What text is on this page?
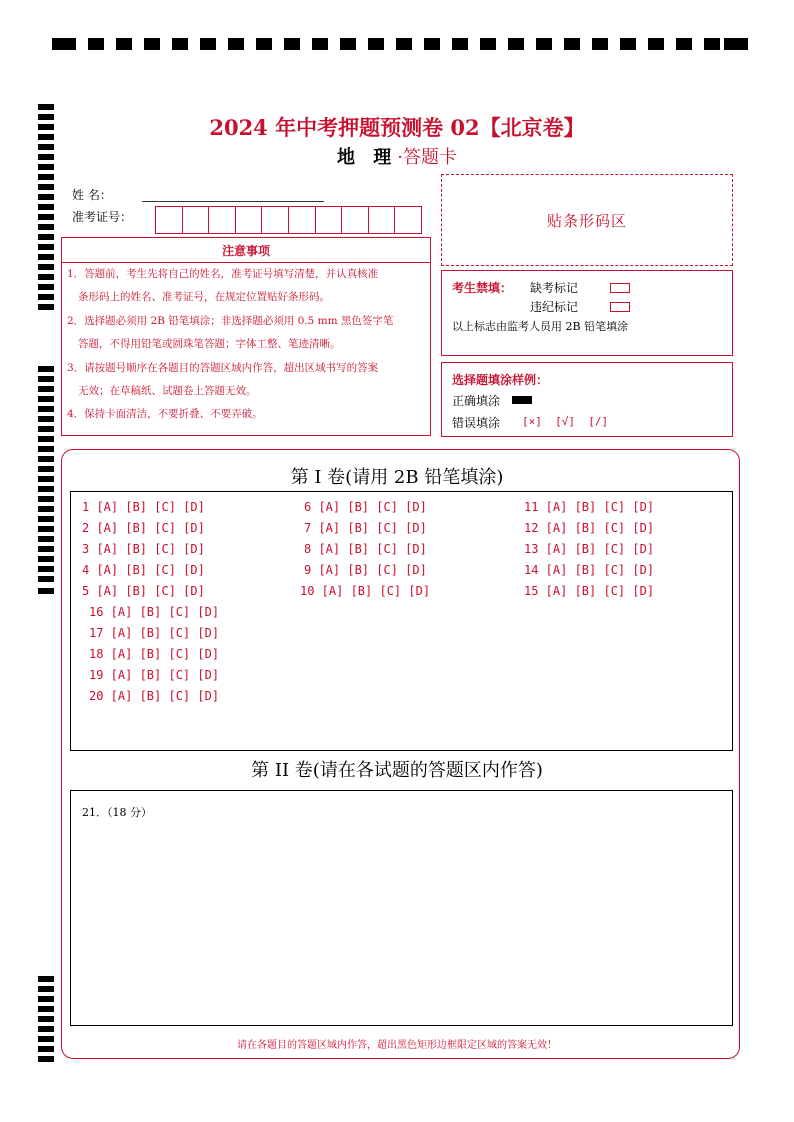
2024 年中考押题预测卷 02【北京卷】
地 理·答题卡
姓 名：
准考证号：	贴条形码区
注意事项
1．答题前，考生先将自己的姓名，准考证号填写清楚，并认真核准
条形码上的姓名、准考证号，在规定位置贴好条形码。
2．选择题必须用 2B 铅笔填涂；非选择题必须用 0.5 mm 黑色签字笔
答题，不得用铅笔或圆珠笔答题；字体工整、笔迹清晰。
3．请按题号顺序在各题目的答题区域内作答，超出区域书写的答案
无效；在草稿纸、试题卷上答题无效。
4．保持卡面清洁，不要折叠、不要弄破。
考生禁填： 缺考标记
违纪标记
以上标志由监考人员用 2B 铅笔填涂
选择题填涂样例：
正确填涂
错误填涂 [×]  [√]  [/]
第 I 卷(请用 2B 铅笔填涂)
1 [A] [B] [C] [D]
2 [A] [B] [C] [D]
3 [A] [B] [C] [D]
4 [A] [B] [C] [D]
5 [A] [B] [C] [D]
6 [A] [B] [C] [D]
7 [A] [B] [C] [D]
8 [A] [B] [C] [D]
9 [A] [B] [C] [D]
10 [A] [B] [C] [D]
11 [A] [B] [C] [D]
12 [A] [B] [C] [D]
13 [A] [B] [C] [D]
14 [A] [B] [C] [D]
15 [A] [B] [C] [D]
16 [A] [B] [C] [D]
17 [A] [B] [C] [D]
18 [A] [B] [C] [D]
19 [A] [B] [C] [D]
20 [A] [B] [C] [D]
第 II 卷(请在各试题的答题区内作答)
21．（18 分）
请在各题目的答题区域内作答，超出黑色矩形边框限定区域的答案无效！
